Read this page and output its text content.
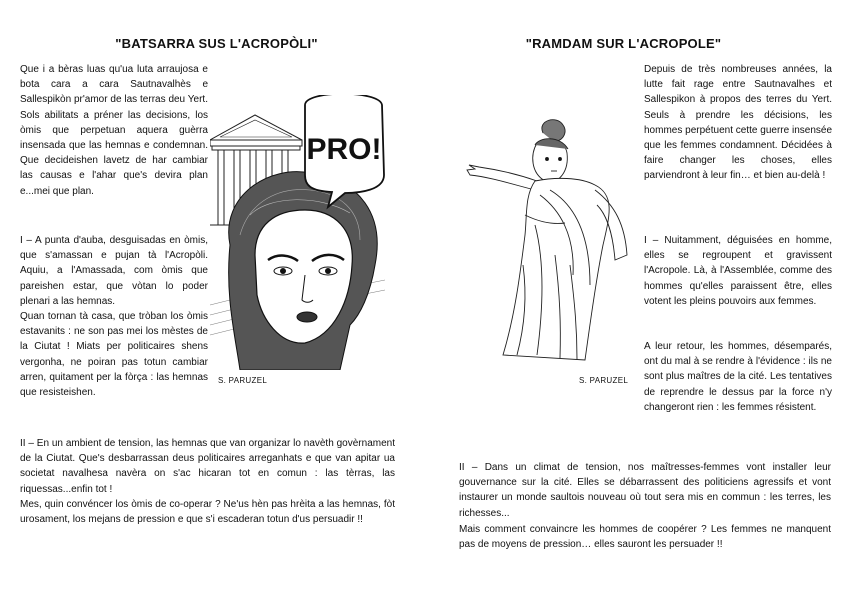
"BATSARRA SUS L'ACROPÒLI"

Que i a bèras luas qu'ua luta arraujosa e bota cara a cara Sautnavalhès e Sallespikòn pr'amor de las terras deu Yert. Sols abilitats a préner las decisions, los òmis que perpetuan aquera guèrra insensada que las hemnas e condemnan. Que decideishen lavetz de har cambiar las causas e l'ahar que's devira plan e...mei que plan.

I – A punta d'auba, desguisadas en òmis, que s'amassan e pujan tà l'Acropòli. Aquiu, a l'Amassada, com òmis que pareishen estar, que vòtan lo poder plenari a las hemnas.

Quan tornan tà casa, que tròban los òmis estavanits : ne son pas mei los mèstes de la Ciutat ! Miats per politicaires shens vergonha, ne poiran pas totun cambiar arren, quitament per la fòrça : las hemnas que resisteishen.

II – En un ambient de tension, las hemnas que van organizar lo navèth govèrnament de la Ciutat. Que's desbarrassan deus politicaires arreganhats e que van apitar ua societat navalhesa navèra on s'ac hicaran tot en comun : las tèrras, las riquessas...enfin tot !

Mes, quin convéncer los òmis de co-operar ? Ne'us hèn pas hrèita a las hemnas, fòt urosament, los mejans de pression e que s'i escaderan totun d'us persuadir !!

PRO!
S. PARUZEL
"RAMDAM SUR L'ACROPOLE"
S. PARUZEL

Depuis de très nombreuses années, la lutte fait rage entre Sautnavalhes et Sallespikon à propos des terres du Yert. Seuls à prendre les décisions, les hommes perpétuent cette guerre insensée que les femmes condamnent. Décidées à faire changer les choses, elles parviendront à leur fin… et bien au-delà !

I – Nuitamment, déguisées en homme, elles se regroupent et gravissent l'Acropole. Là, à l'Assemblée, comme des hommes qu'elles paraissent être, elles votent les pleins pouvoirs aux femmes.

A leur retour, les hommes, désemparés, ont du mal à se rendre à l'évidence : ils ne sont plus maîtres de la cité. Les tentatives de reprendre le dessus par la force n'y changeront rien : les femmes résistent.

II – Dans un climat de tension, nos maîtresses-femmes vont installer leur gouvernance sur la cité. Elles se débarrassent des politiciens agressifs et vont instaurer un monde saultois nouveau où tout sera mis en commun : les terres, les richesses...

Mais comment convaincre les hommes de coopérer ? Les femmes ne manquent pas de moyens de pression… elles sauront les persuader !!
